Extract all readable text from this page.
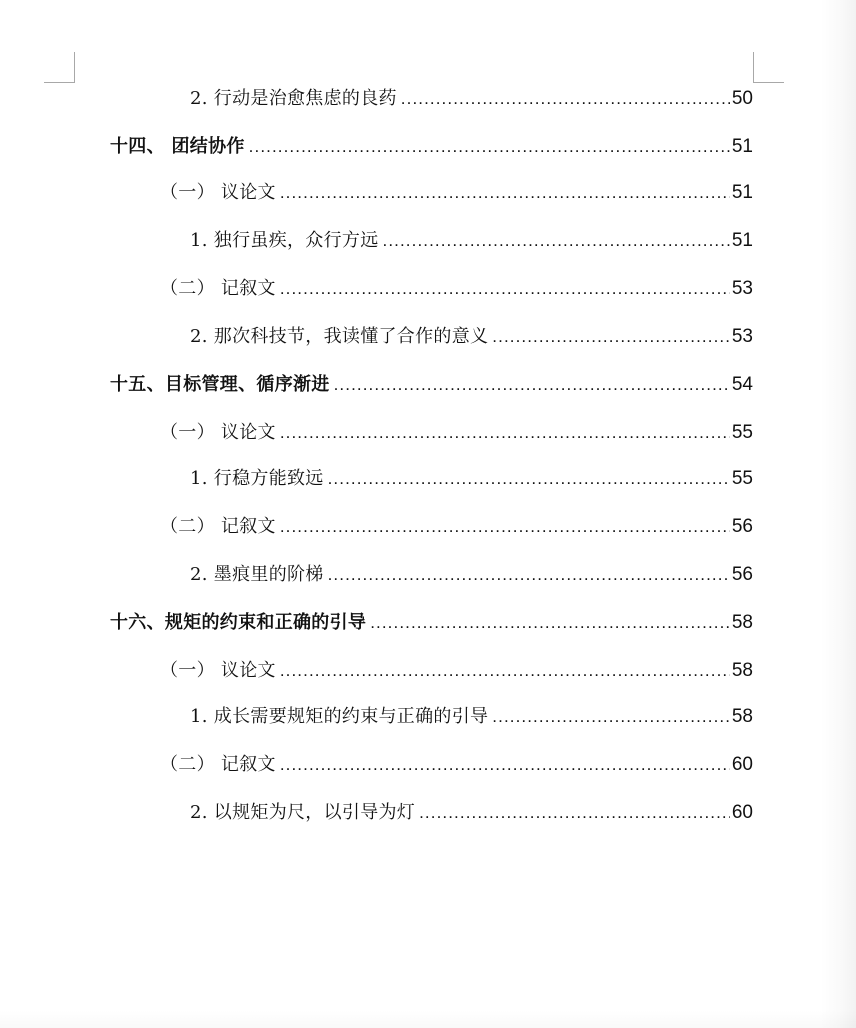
2. 行动是治愈焦虑的良药 .....	50
十四、 团结协作 .....	51
（一） 议论文 .....	51
1. 独行虽疾，众行方远 .....	51
（二） 记叙文 .....	53
2. 那次科技节，我读懂了合作的意义 .....	53
十五、目标管理、循序渐进 .....	54
（一） 议论文 .....	55
1. 行稳方能致远 .....	55
（二） 记叙文 .....	56
2. 墨痕里的阶梯 .....	56
十六、规矩的约束和正确的引导 .....	58
（一） 议论文 .....	58
1. 成长需要规矩的约束与正确的引导 .....	58
（二） 记叙文 .....	60
2. 以规矩为尺，以引导为灯 .....	60
